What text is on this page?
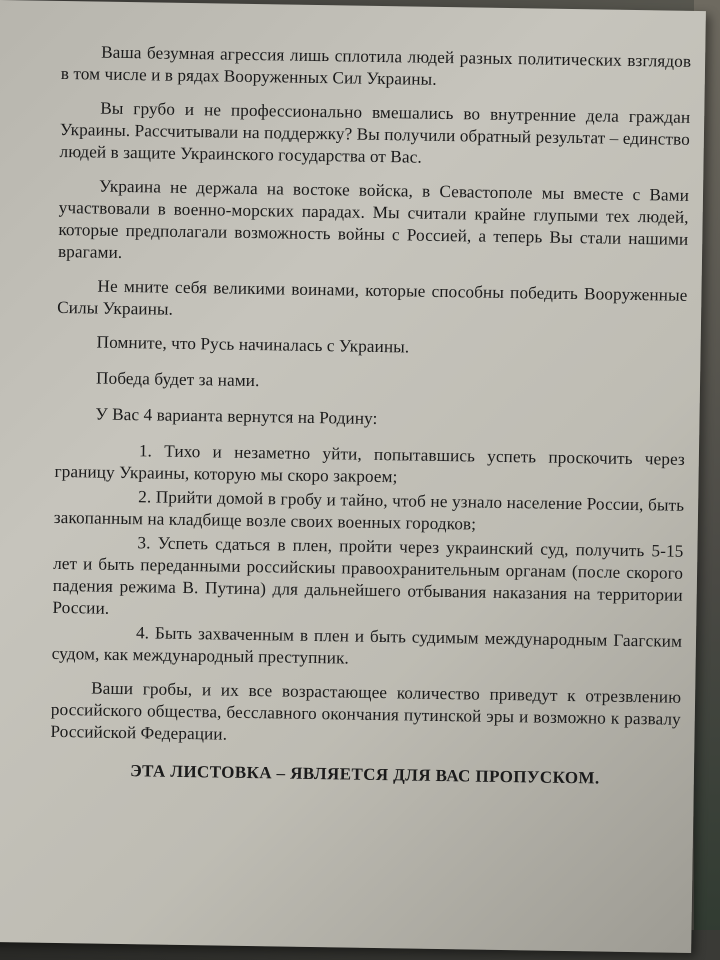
Ваша безумная агрессия лишь сплотила людей разных политических взглядов в том числе и в рядах Вооруженных Сил Украины.

Вы грубо и не профессионально вмешались во внутренние дела граждан Украины. Рассчитывали на поддержку? Вы получили обратный результат – единство людей в защите Украинского государства от Вас.

Украина не держала на востоке войска, в Севастополе мы вместе с Вами участвовали в военно-морских парадах. Мы считали крайне глупыми тех людей, которые предполагали возможность войны с Россией, а теперь Вы стали нашими врагами.

Не мните себя великими воинами, которые способны победить Вооруженные Силы Украины.

Помните, что Русь начиналась с Украины.

Победа будет за нами.

У Вас 4 варианта вернутся на Родину:

1. Тихо и незаметно уйти, попытавшись успеть проскочить через границу Украины, которую мы скоро закроем;
2. Прийти домой в гробу и тайно, чтоб не узнало население России, быть закопанным на кладбище возле своих военных городков;
3. Успеть сдаться в плен, пройти через украинский суд, получить 5-15 лет и быть переданными российскиы правоохранительным органам (после скорого падения режима В. Путина) для дальнейшего отбывания наказания на территории России.
4. Быть захваченным в плен и быть судимым международным Гаагским судом, как международный преступник.

Ваши гробы, и их все возрастающее количество приведут к отрезвлению российского общества, бесславного окончания путинской эры и возможно к развалу Российской Федерации.

ЭТА ЛИСТОВКА – ЯВЛЯЕТСЯ ДЛЯ ВАС ПРОПУСКОМ.
